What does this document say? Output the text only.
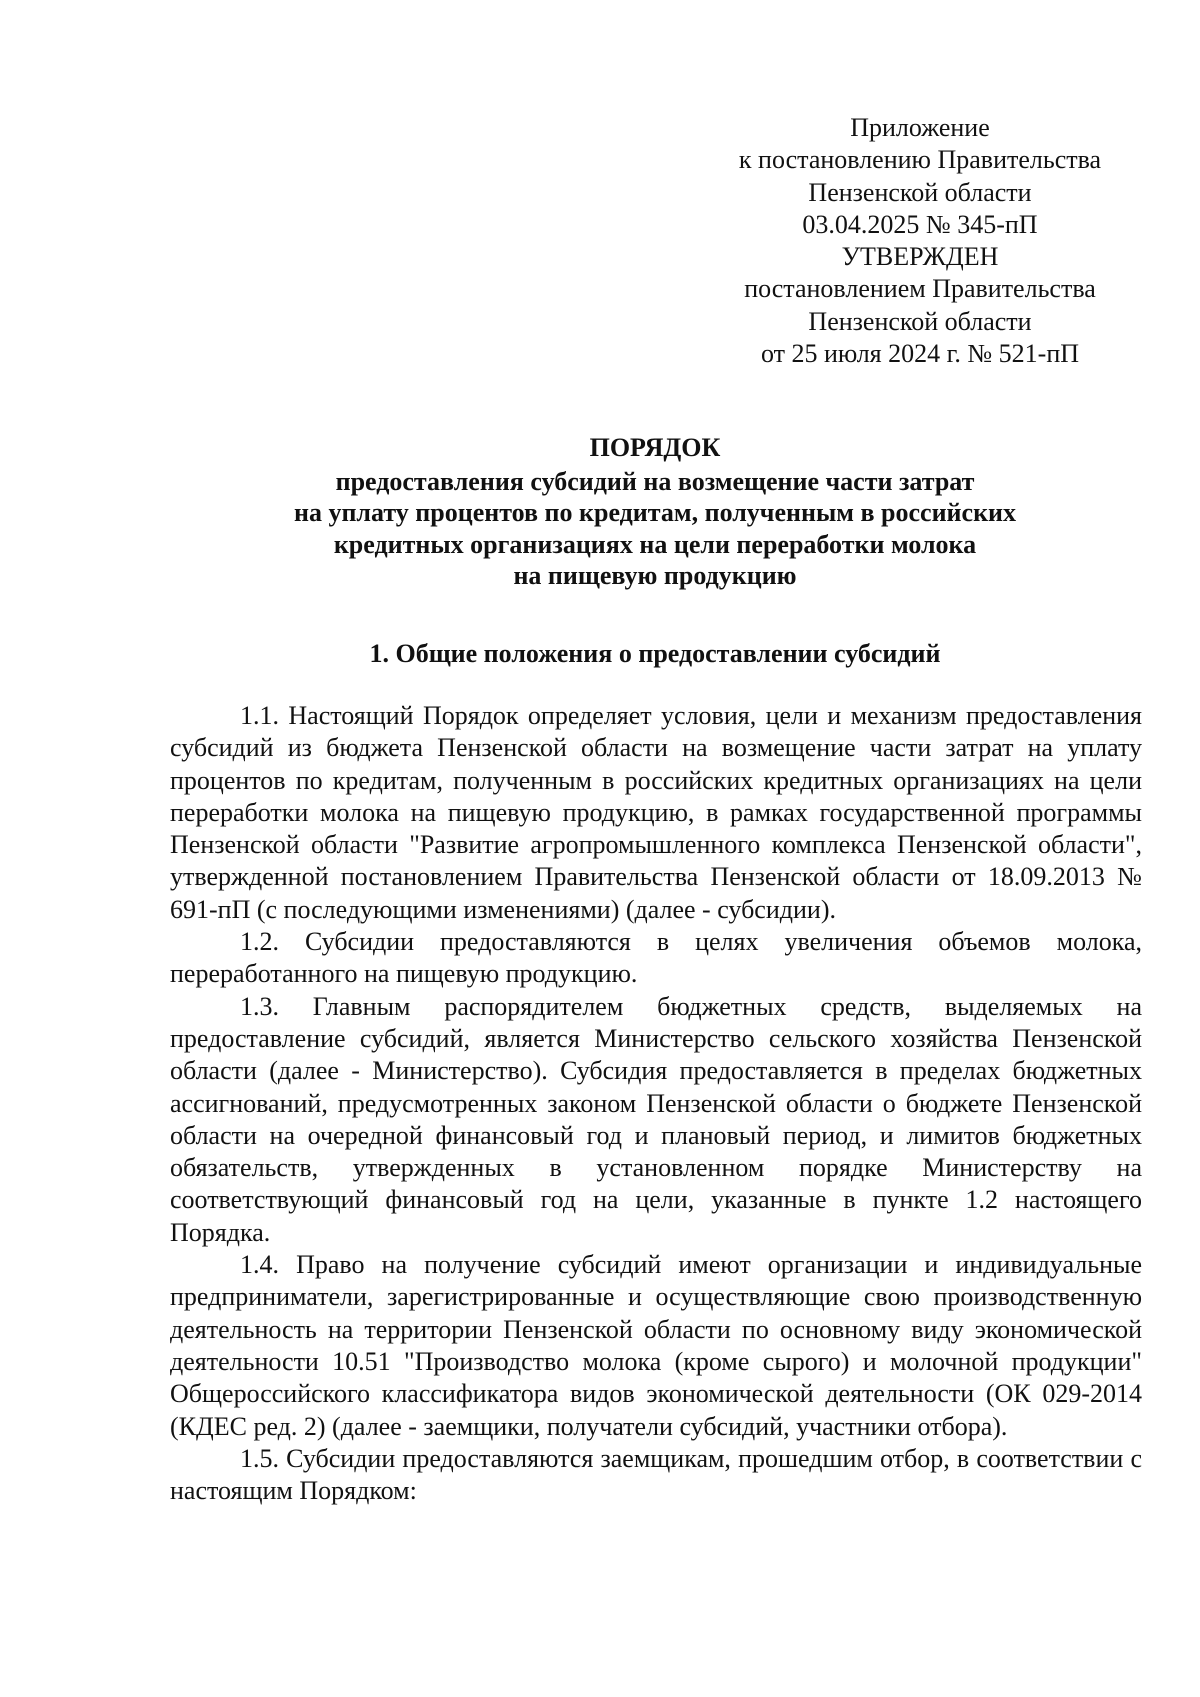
Приложение
к постановлению Правительства
Пензенской области
03.04.2025 № 345-пП
УТВЕРЖДЕН
постановлением Правительства
Пензенской области
от 25 июля 2024 г. № 521-пП
ПОРЯДОК
предоставления субсидий на возмещение части затрат
на уплату процентов по кредитам, полученным в российских
кредитных организациях на цели переработки молока
на пищевую продукцию
1. Общие положения о предоставлении субсидий

1.1. Настоящий Порядок определяет условия, цели и механизм предоставления субсидий из бюджета Пензенской области на возмещение части затрат на уплату процентов по кредитам, полученным в российских кредитных организациях на цели переработки молока на пищевую продукцию, в рамках государственной программы Пензенской области "Развитие агропромышленного комплекса Пензенской области", утвержденной постановлением Правительства Пензенской области от 18.09.2013 № 691-пП (с последующими изменениями) (далее - субсидии).

1.2. Субсидии предоставляются в целях увеличения объемов молока, переработанного на пищевую продукцию.

1.3. Главным распорядителем бюджетных средств, выделяемых на предоставление субсидий, является Министерство сельского хозяйства Пензенской области (далее - Министерство). Субсидия предоставляется в пределах бюджетных ассигнований, предусмотренных законом Пензенской области о бюджете Пензенской области на очередной финансовый год и плановый период, и лимитов бюджетных обязательств, утвержденных в установленном порядке Министерству на соответствующий финансовый год на цели, указанные в пункте 1.2 настоящего Порядка.

1.4. Право на получение субсидий имеют организации и индивидуальные предприниматели, зарегистрированные и осуществляющие свою производственную деятельность на территории Пензенской области по основному виду экономической деятельности 10.51 "Производство молока (кроме сырого) и молочной продукции" Общероссийского классификатора видов экономической деятельности (ОК 029-2014 (КДЕС ред. 2) (далее - заемщики, получатели субсидий, участники отбора).

1.5. Субсидии предоставляются заемщикам, прошедшим отбор, в соответствии с настоящим Порядком:
